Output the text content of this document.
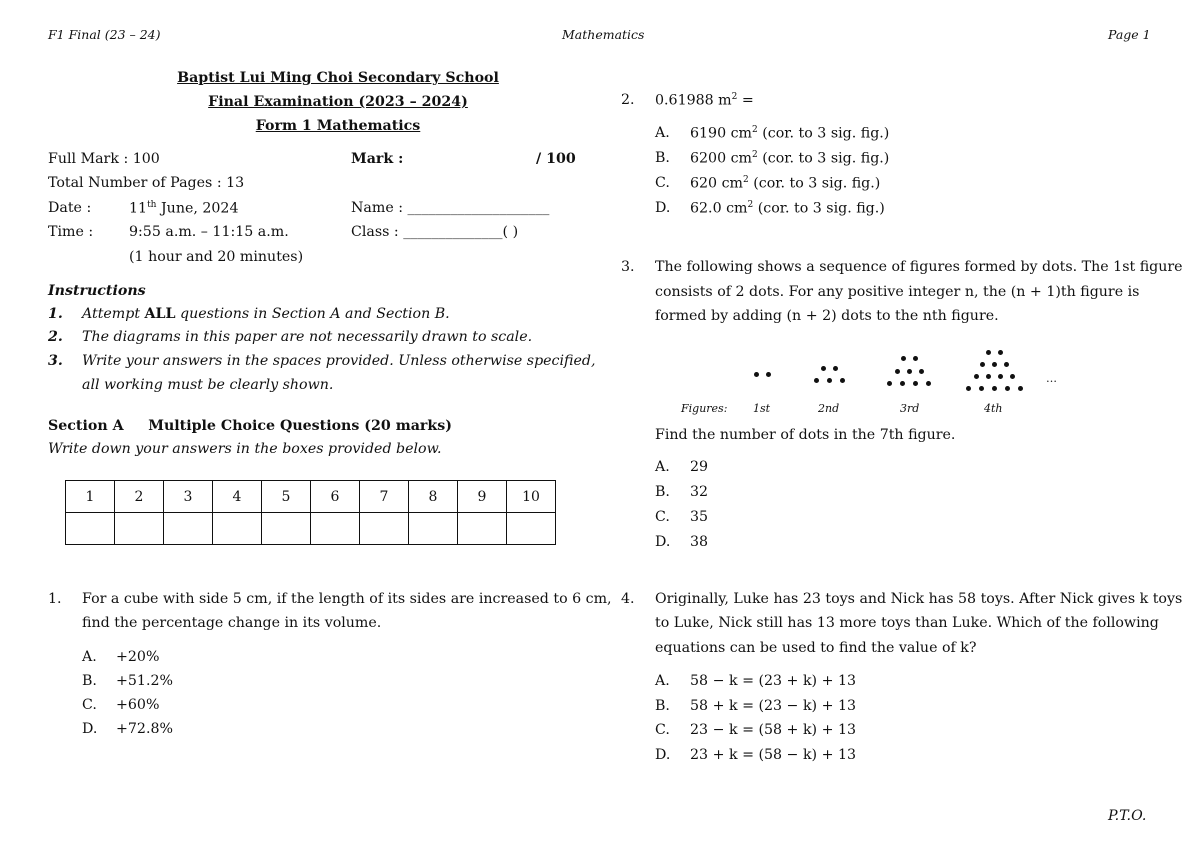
F1 Final (23 – 24)	Mathematics	Page 1
Baptist Lui Ming Choi Secondary School
Final Examination (2023 – 2024)
Form 1 Mathematics
Full Mark : 100	Mark :	/ 100
Total Number of Pages : 13
Date :	11th June, 2024	Name : ____________________
Time :	9:55 a.m. – 11:15 a.m.	Class : ______________( )
(1 hour and 20 minutes)
Instructions
1. Attempt ALL questions in Section A and Section B.
2. The diagrams in this paper are not necessarily drawn to scale.
3. Write your answers in the spaces provided. Unless otherwise specified,
all working must be clearly shown.
Section A     Multiple Choice Questions (20 marks)
Write down your answers in the boxes provided below.
1	2	3	4	5	6	7	8	9	10

1. For a cube with side 5 cm, if the length of its sides are increased to 6 cm,
find the percentage change in its volume.
A. +20%
B. +51.2%
C. +60%
D. +72.8%
2. 0.61988 $m^2$ =
A. 6190 $cm^2$ (cor. to 3 sig. fig.)
B. 6200 $cm^2$ (cor. to 3 sig. fig.)
C. 620 $cm^2$ (cor. to 3 sig. fig.)
D. 62.0 $cm^2$ (cor. to 3 sig. fig.)
3. The following shows a sequence of figures formed by dots. The 1st figure
consists of 2 dots. For any positive integer n, the (n + 1)th figure is
formed by adding (n + 2) dots to the nth figure.
…
Figures: 1st	2nd	3rd	4th
Find the number of dots in the 7th figure.
A. 29
B. 32
C. 35
D. 38
4. Originally, Luke has 23 toys and Nick has 58 toys. After Nick gives k toys
to Luke, Nick still has 13 more toys than Luke. Which of the following
equations can be used to find the value of k?
A. 58 − k = (23 + k) + 13
B. 58 + k = (23 − k) + 13
C. 23 − k = (58 + k) + 13
D. 23 + k = (58 − k) + 13
P.T.O.
